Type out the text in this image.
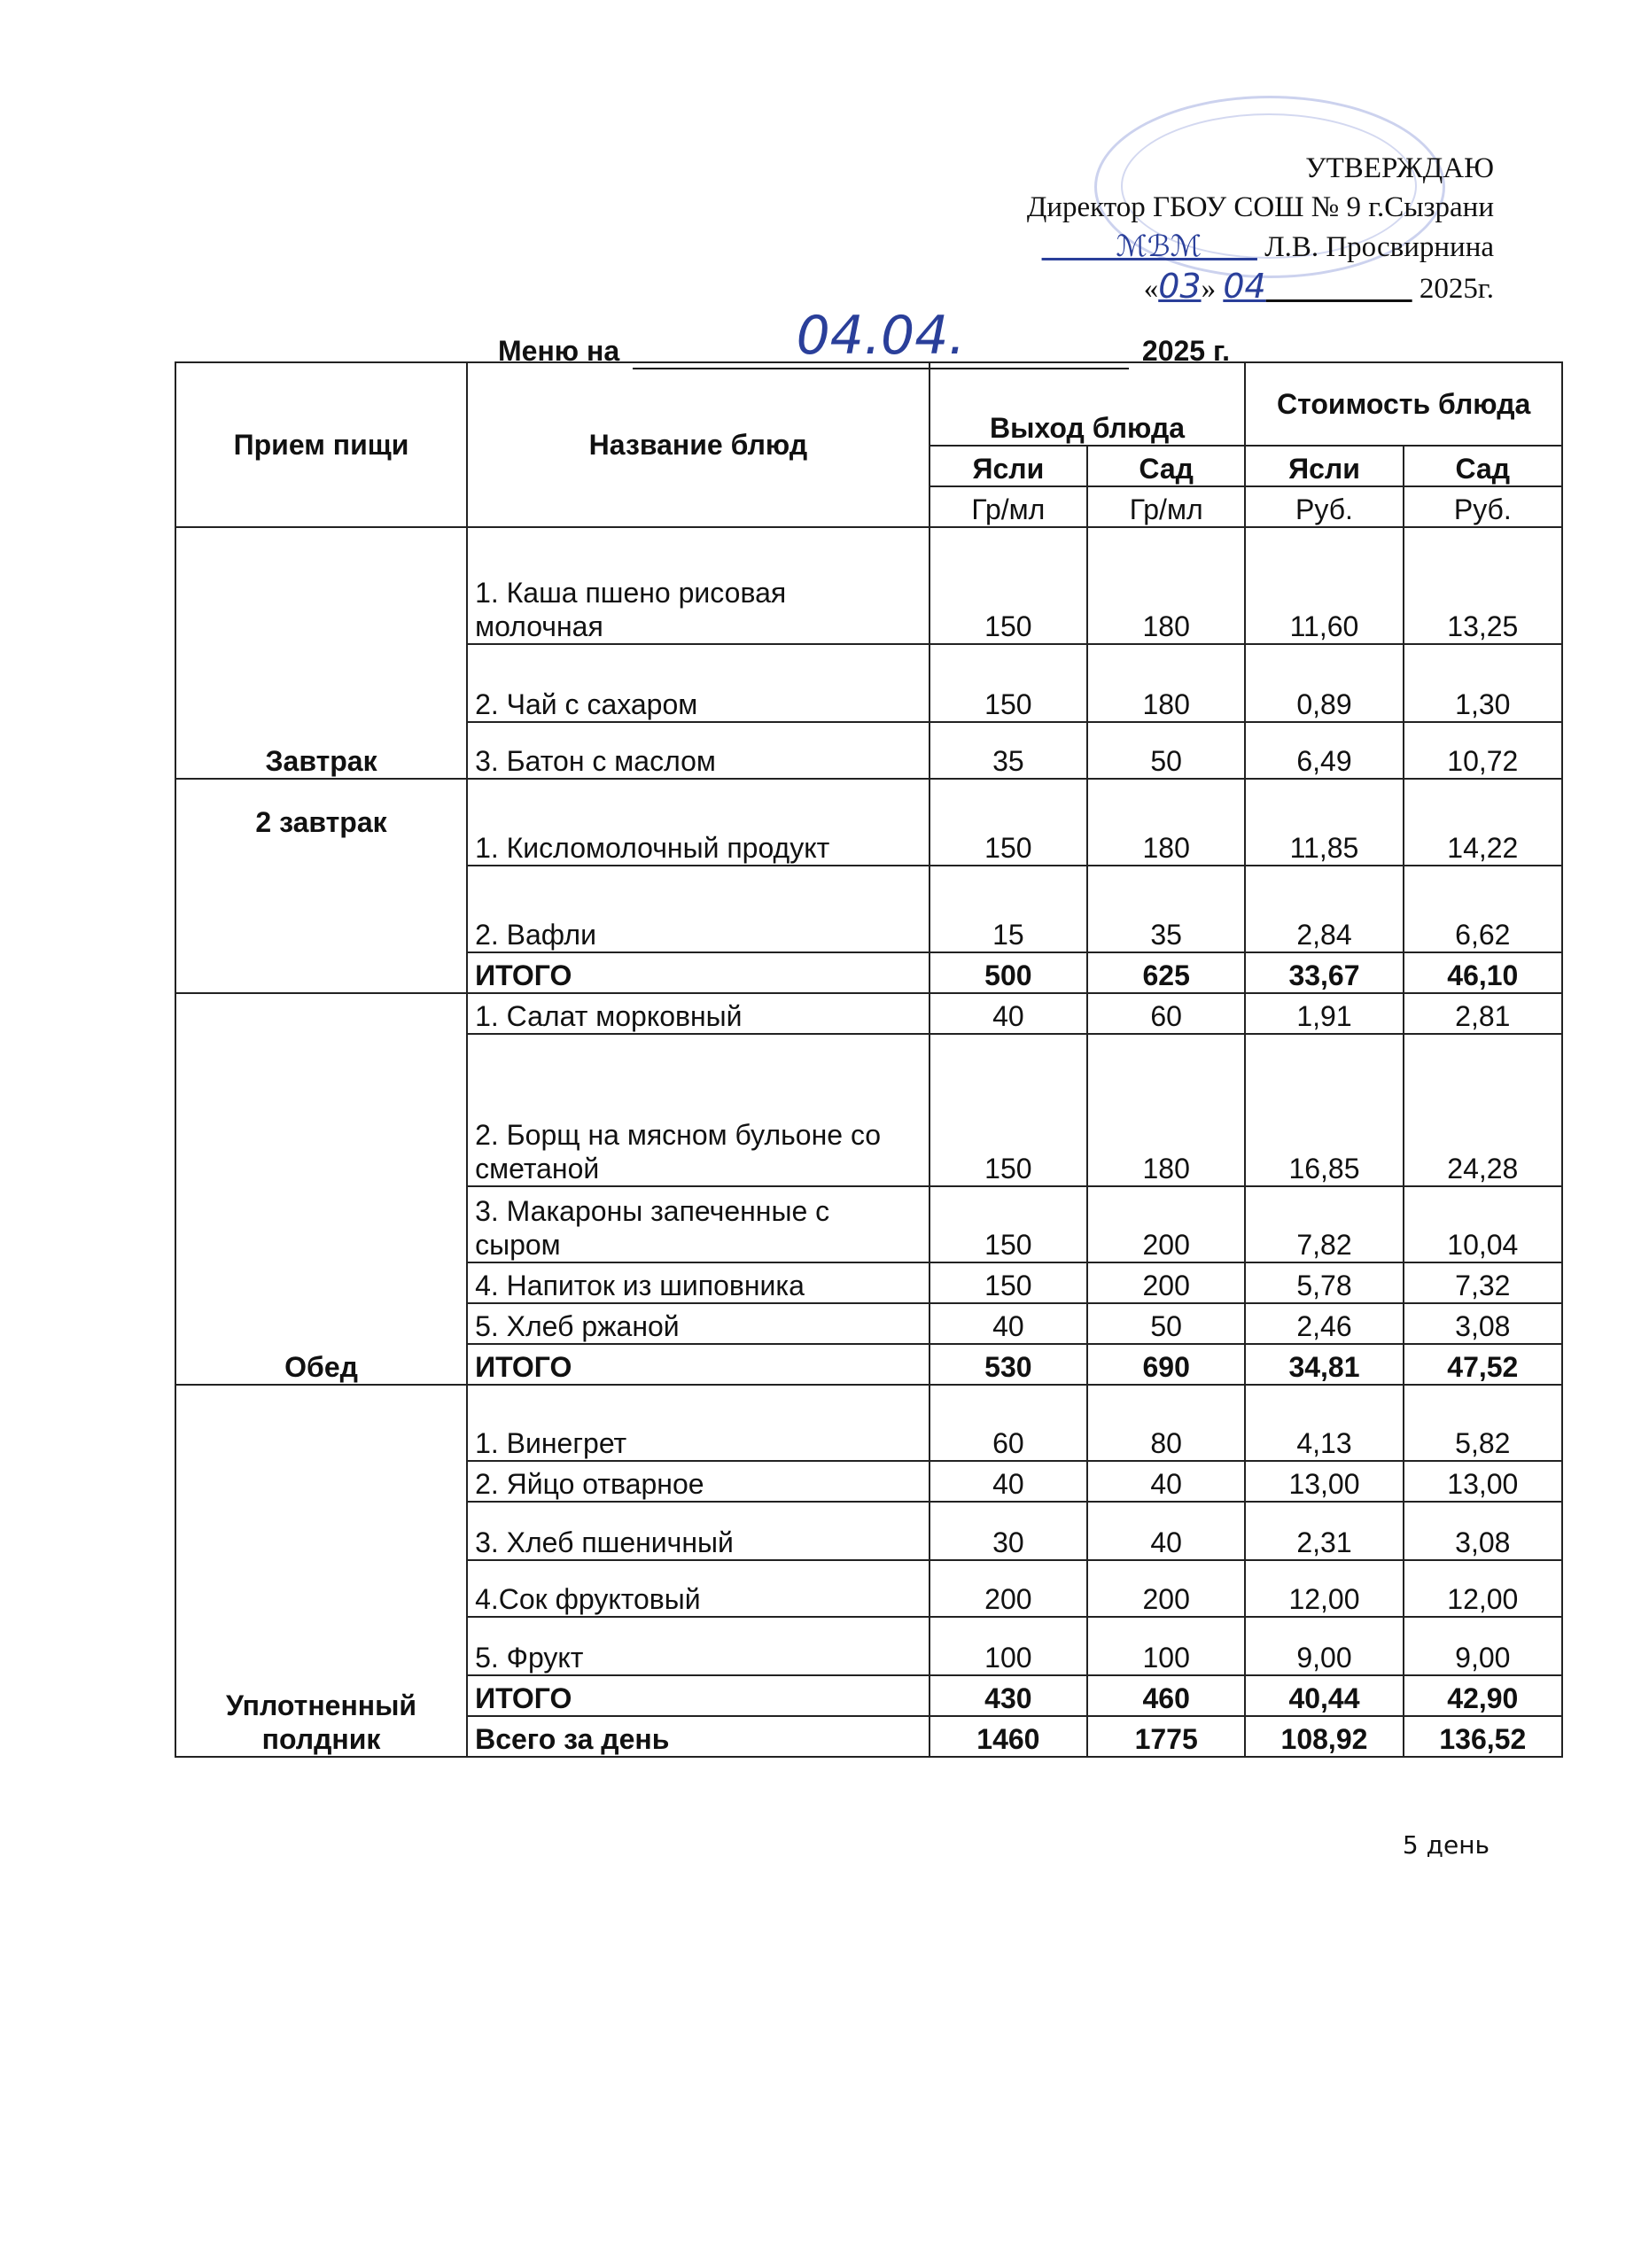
УТВЕРЖДАЮ
Директор ГБОУ СОШ № 9 г.Сызрани
ℳℬℳ       Л.В. Просвирнина
«03» 04	2025г.
Меню на	04.04.	2025 г.
Прием пищи	Название блюд	Выход блюда		Стоимость блюда	
		Ясли	Сад	Ясли	Сад
		Гр/мл	Гр/мл	Руб.	Руб.
Завтрак	1. Каша пшено рисовая молочная	150	180	11,60	13,25
	2. Чай с сахаром	150	180	0,89	1,30
	3. Батон с маслом	35	50	6,49	10,72
2 завтрак	1. Кисломолочный продукт	150	180	11,85	14,22
	2. Вафли	15	35	2,84	6,62
	ИТОГО	500	625	33,67	46,10
Обед	1. Салат морковный	40	60	1,91	2,81
	2. Борщ на мясном бульоне со сметаной	150	180	16,85	24,28
	3. Макароны запеченные с сыром	150	200	7,82	10,04
	4. Напиток из шиповника	150	200	5,78	7,32
	5. Хлеб ржаной	40	50	2,46	3,08
	ИТОГО	530	690	34,81	47,52
Уплотненный полдник	1. Винегрет	60	80	4,13	5,82
	2. Яйцо отварное	40	40	13,00	13,00
	3. Хлеб пшеничный	30	40	2,31	3,08
	4.Сок фруктовый	200	200	12,00	12,00
	5. Фрукт	100	100	9,00	9,00
	ИТОГО	430	460	40,44	42,90
	Всего за день	1460	1775	108,92	136,52
5 день
